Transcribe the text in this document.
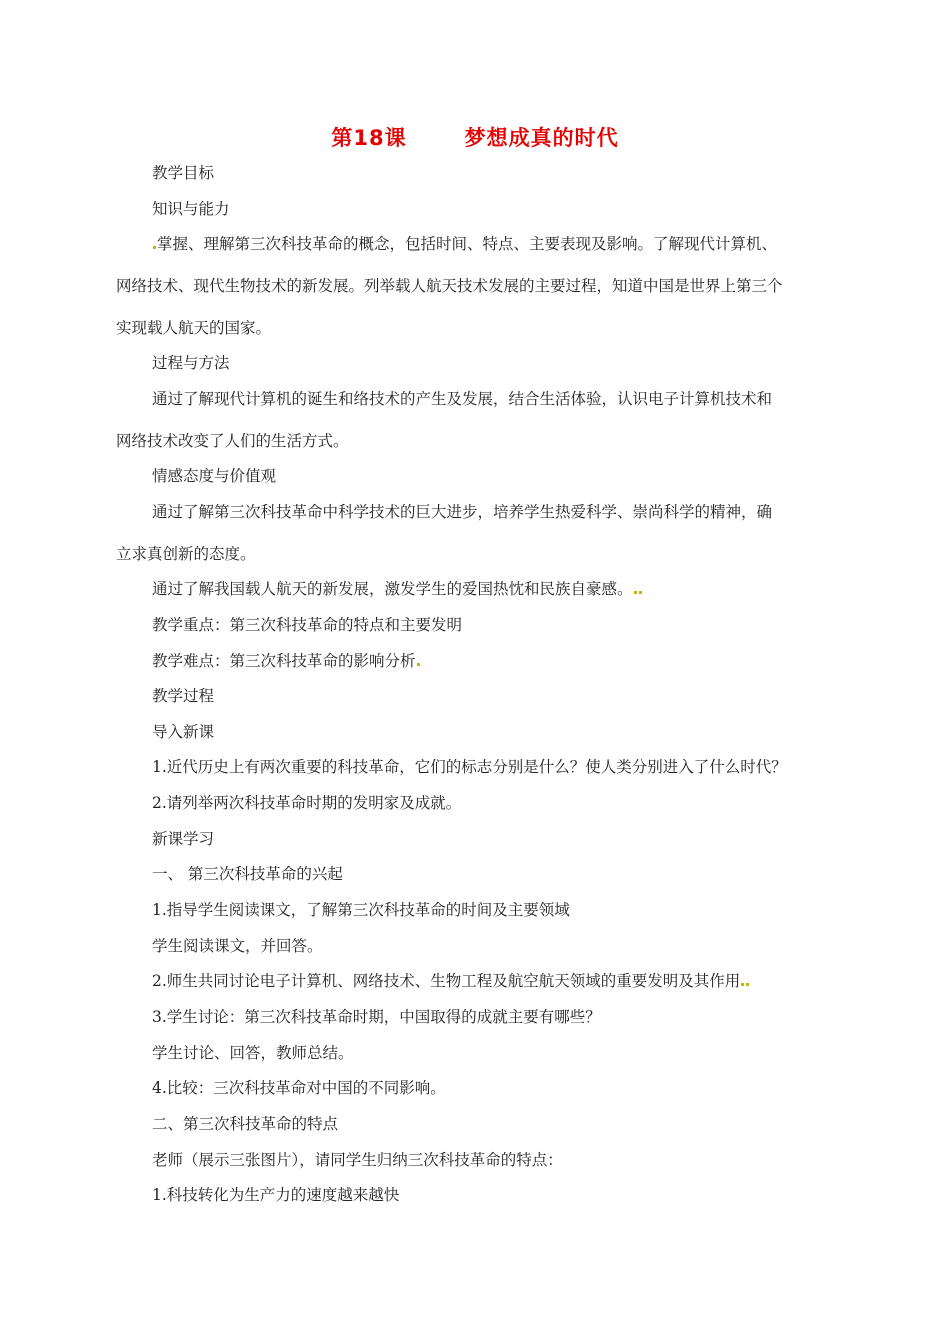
第18课	梦想成真的时代
教学目标
知识与能力
掌握、理解第三次科技革命的概念，包括时间、特点、主要表现及影响。了解现代计算机、
网络技术、现代生物技术的新发展。列举载人航天技术发展的主要过程，知道中国是世界上第三个
实现载人航天的国家。
过程与方法
通过了解现代计算机的诞生和络技术的产生及发展，结合生活体验，认识电子计算机技术和
网络技术改变了人们的生活方式。
情感态度与价值观
通过了解第三次科技革命中科学技术的巨大进步，培养学生热爱科学、崇尚科学的精神，确
立求真创新的态度。
通过了解我国载人航天的新发展，激发学生的爱国热忱和民族自豪感。
教学重点：第三次科技革命的特点和主要发明
教学难点：第三次科技革命的影响分析
教学过程
导入新课
1.近代历史上有两次重要的科技革命，它们的标志分别是什么？使人类分别进入了什么时代？
2.请列举两次科技革命时期的发明家及成就。
新课学习
一、 第三次科技革命的兴起
1.指导学生阅读课文，了解第三次科技革命的时间及主要领域
学生阅读课文，并回答。
2.师生共同讨论电子计算机、网络技术、生物工程及航空航天领域的重要发明及其作用
3.学生讨论：第三次科技革命时期，中国取得的成就主要有哪些？
学生讨论、回答，教师总结。
4.比较：三次科技革命对中国的不同影响。
二、第三次科技革命的特点
老师（展示三张图片），请同学生归纳三次科技革命的特点：
1.科技转化为生产力的速度越来越快
